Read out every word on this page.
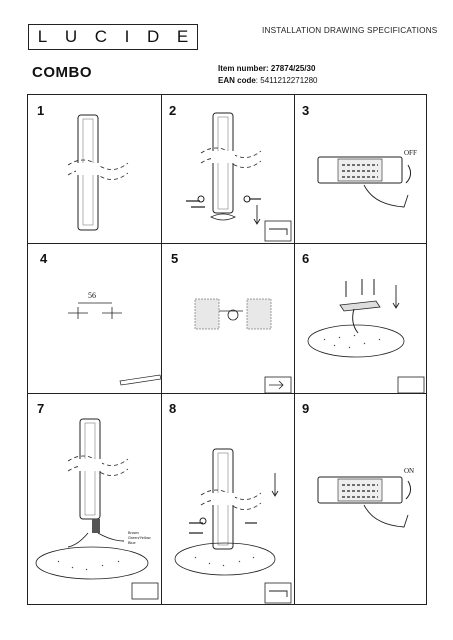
L U C I D E	INSTALLATION DRAWING SPECIFICATIONS
COMBO	Item number: 27874/25/30
EAN code: 5411212271280
1	2	3
OFF
4
56
5	6
7
Brown
Green/Yellow
Blue
8	9
ON
